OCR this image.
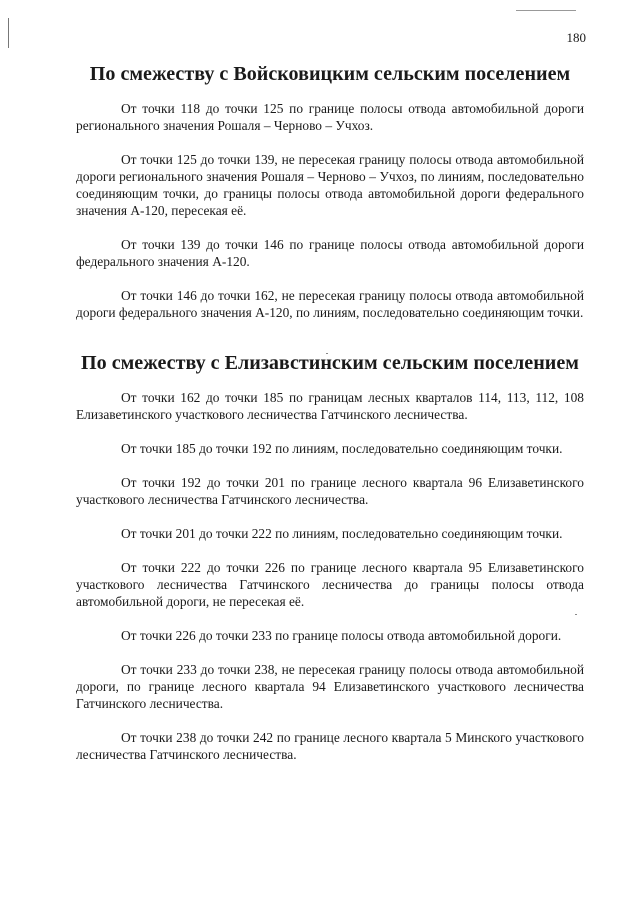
180
По смежеству с Войсковицким сельским поселением

От точки 118 до точки 125 по границе полосы отвода автомобильной дороги регионального значения Рошаля – Черново – Учхоз.

От точки 125 до точки 139, не пересекая границу полосы отвода автомобильной дороги регионального значения Рошаля – Черново – Учхоз, по линиям, последовательно соединяющим точки, до границы полосы отвода автомобильной дороги федерального значения А-120, пересекая её.

От точки 139 до точки 146 по границе полосы отвода автомобильной дороги федерального значения А-120.

От точки 146 до точки 162, не пересекая границу полосы отвода автомобильной дороги федерального значения А-120, по линиям, последовательно соединяющим точки.

По смежеству с Елизавстинским сельским поселением

От точки 162 до точки 185 по границам лесных кварталов 114, 113, 112, 108 Елизаветинского участкового лесничества Гатчинского лесничества.

От точки 185 до точки 192 по линиям, последовательно соединяющим точки.

От точки 192 до точки 201 по границе лесного квартала 96 Елизаветинского участкового лесничества Гатчинского лесничества.

От точки 201 до точки 222 по линиям, последовательно соединяющим точки.

От точки 222 до точки 226 по границе лесного квартала 95 Елизаветинского участкового лесничества Гатчинского лесничества до границы полосы отвода автомобильной дороги, не пересекая её.

От точки 226 до точки 233 по границе полосы отвода автомобильной дороги.

От точки 233 до точки 238, не пересекая границу полосы отвода автомобильной дороги, по границе лесного квартала 94 Елизаветинского участкового лесничества Гатчинского лесничества.

От точки 238 до точки 242 по границе лесного квартала 5 Минского участкового лесничества Гатчинского лесничества.
